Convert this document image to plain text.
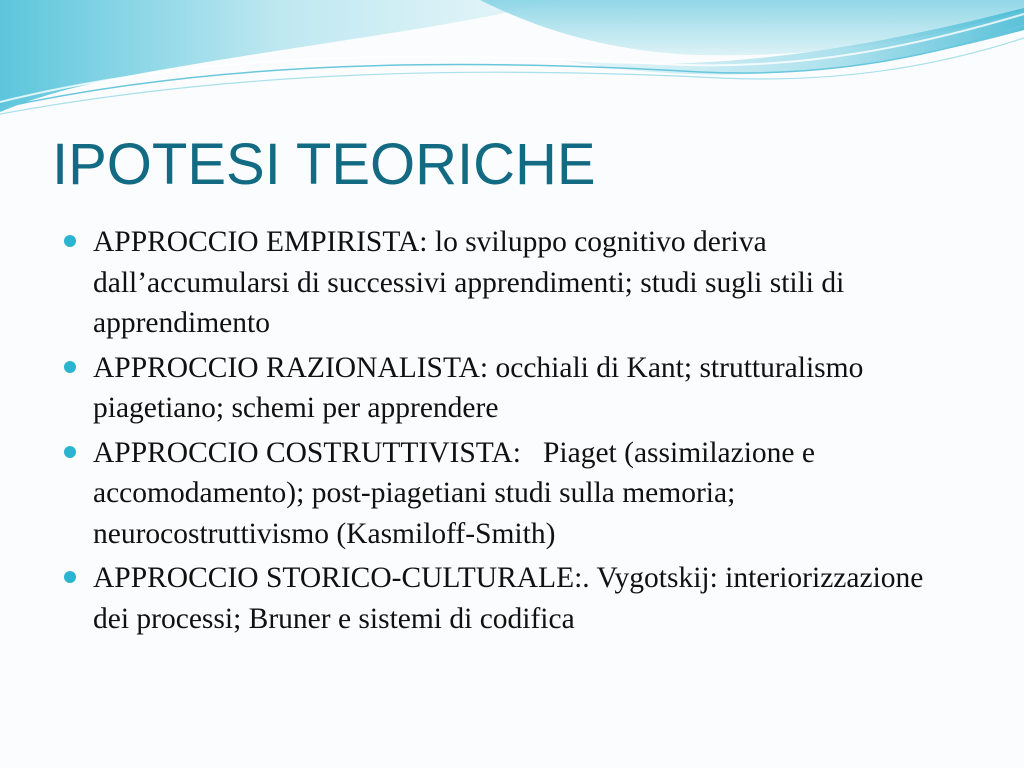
IPOTESI TEORICHE
APPROCCIO EMPIRISTA: lo sviluppo cognitivo deriva dall’accumularsi di successivi apprendimenti; studi sugli stili di apprendimento
APPROCCIO RAZIONALISTA: occhiali di Kant; strutturalismo piagetiano; schemi per apprendere
APPROCCIO COSTRUTTIVISTA:   Piaget (assimilazione e accomodamento); post-piagetiani studi sulla memoria; neurocostruttivismo (Kasmiloff-Smith)
APPROCCIO STORICO-CULTURALE:. Vygotskij: interiorizzazione dei processi; Bruner e sistemi di codifica
